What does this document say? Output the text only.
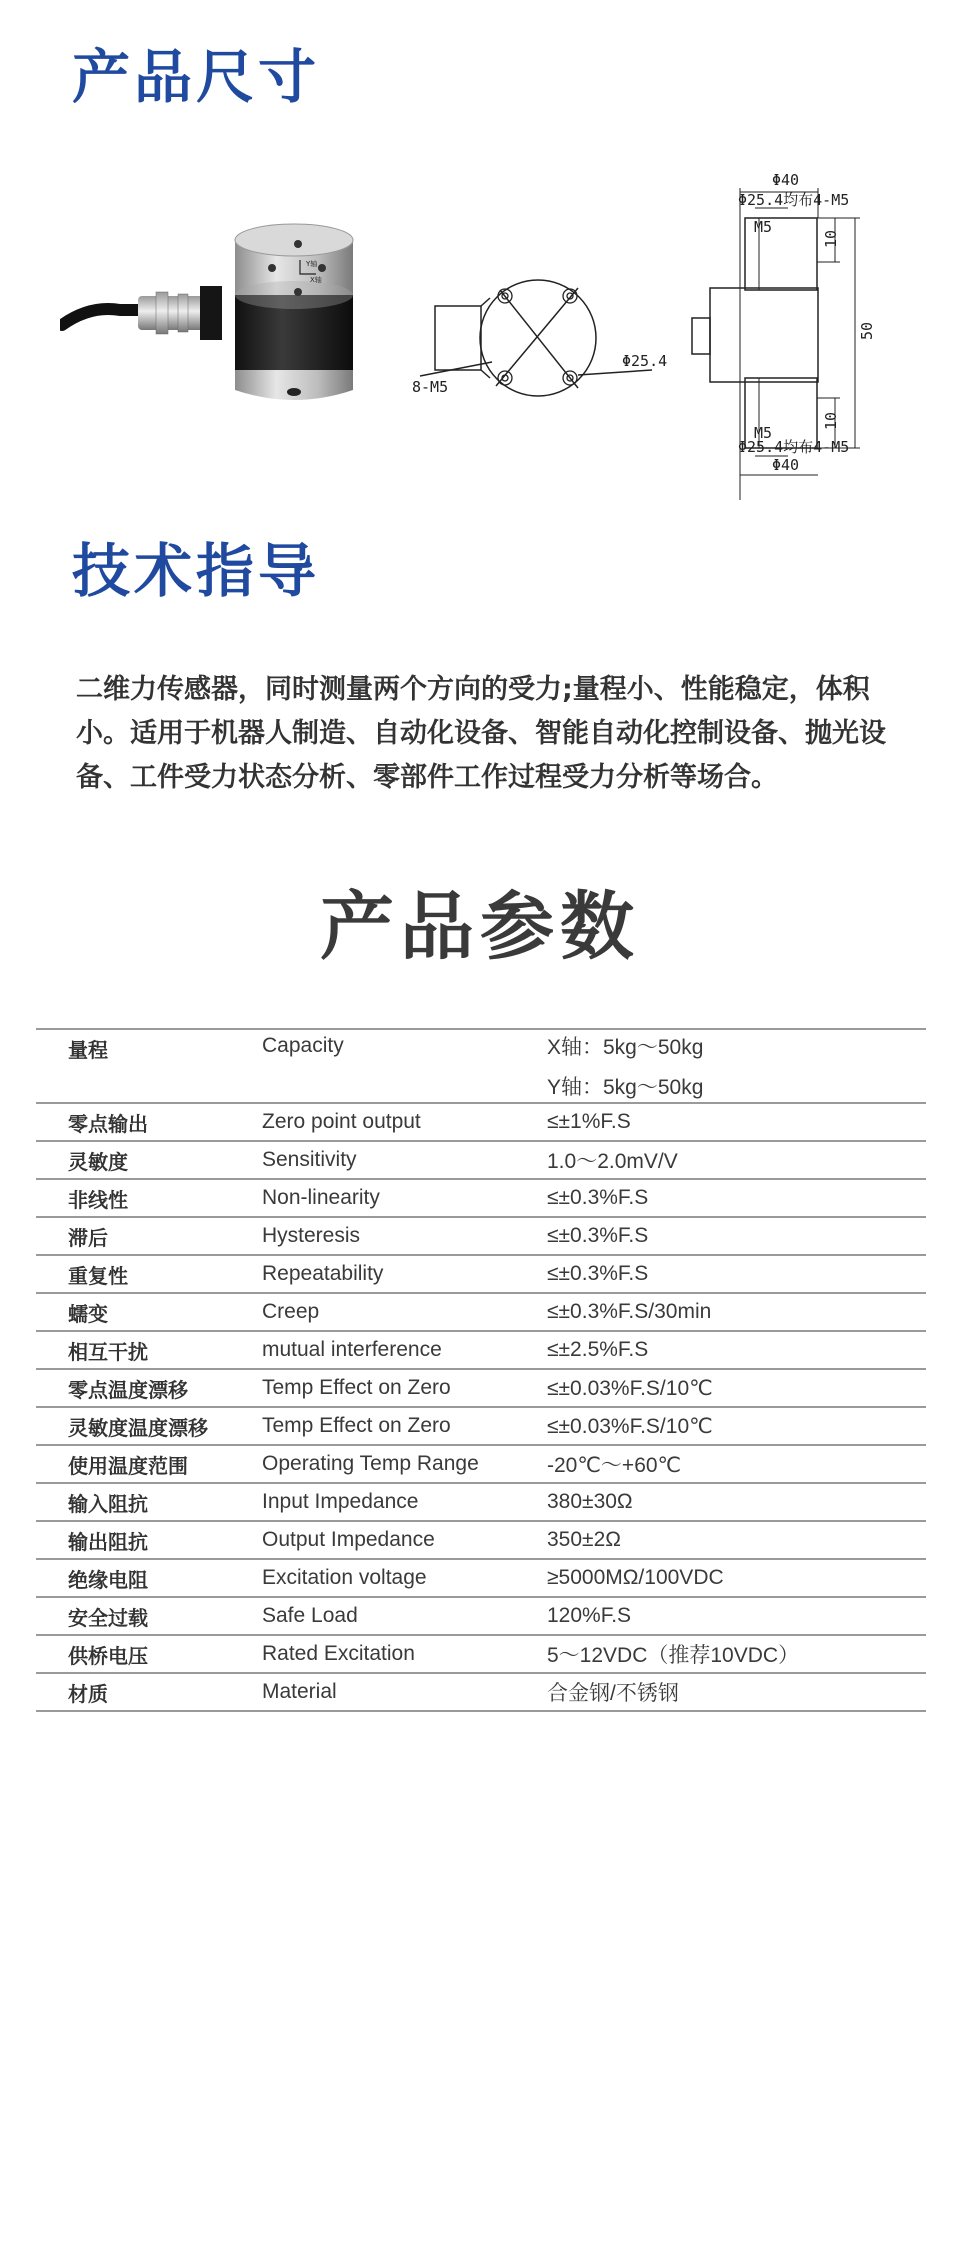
产品尺寸
Y轴
X轴
Φ40
Φ25.4均布4-M5
M5
10
50
10
M5
Φ25.4均布4-M5
Φ40
Φ25.4
8-M5
技术指导

二维力传感器，同时测量两个方向的受力;量程小、性能稳定，体积小。适用于机器人制造、自动化设备、智能自动化控制设备、抛光设备、工件受力状态分析、零部件工作过程受力分析等场合。

产品参数
量程	Capacity	X轴：5kg～50kg
Y轴：5kg～50kg

零点输出	Zero point output	≤±1%F.S
灵敏度	Sensitivity	1.0～2.0mV/V
非线性	Non-linearity	≤±0.3%F.S
滞后	Hysteresis	≤±0.3%F.S
重复性	Repeatability	≤±0.3%F.S
蠕变	Creep	≤±0.3%F.S/30min
相互干扰	mutual interference	≤±2.5%F.S
零点温度漂移	Temp Effect on Zero	≤±0.03%F.S/10℃
灵敏度温度漂移	Temp Effect on Zero	≤±0.03%F.S/10℃
使用温度范围	Operating Temp Range	-20℃～+60℃
输入阻抗	Input Impedance	380±30Ω
输出阻抗	Output Impedance	350±2Ω
绝缘电阻	Excitation voltage	≥5000MΩ/100VDC
安全过载	Safe Load	120%F.S
供桥电压	Rated Excitation	5～12VDC（推荐10VDC）
材质	Material	合金钢/不锈钢
